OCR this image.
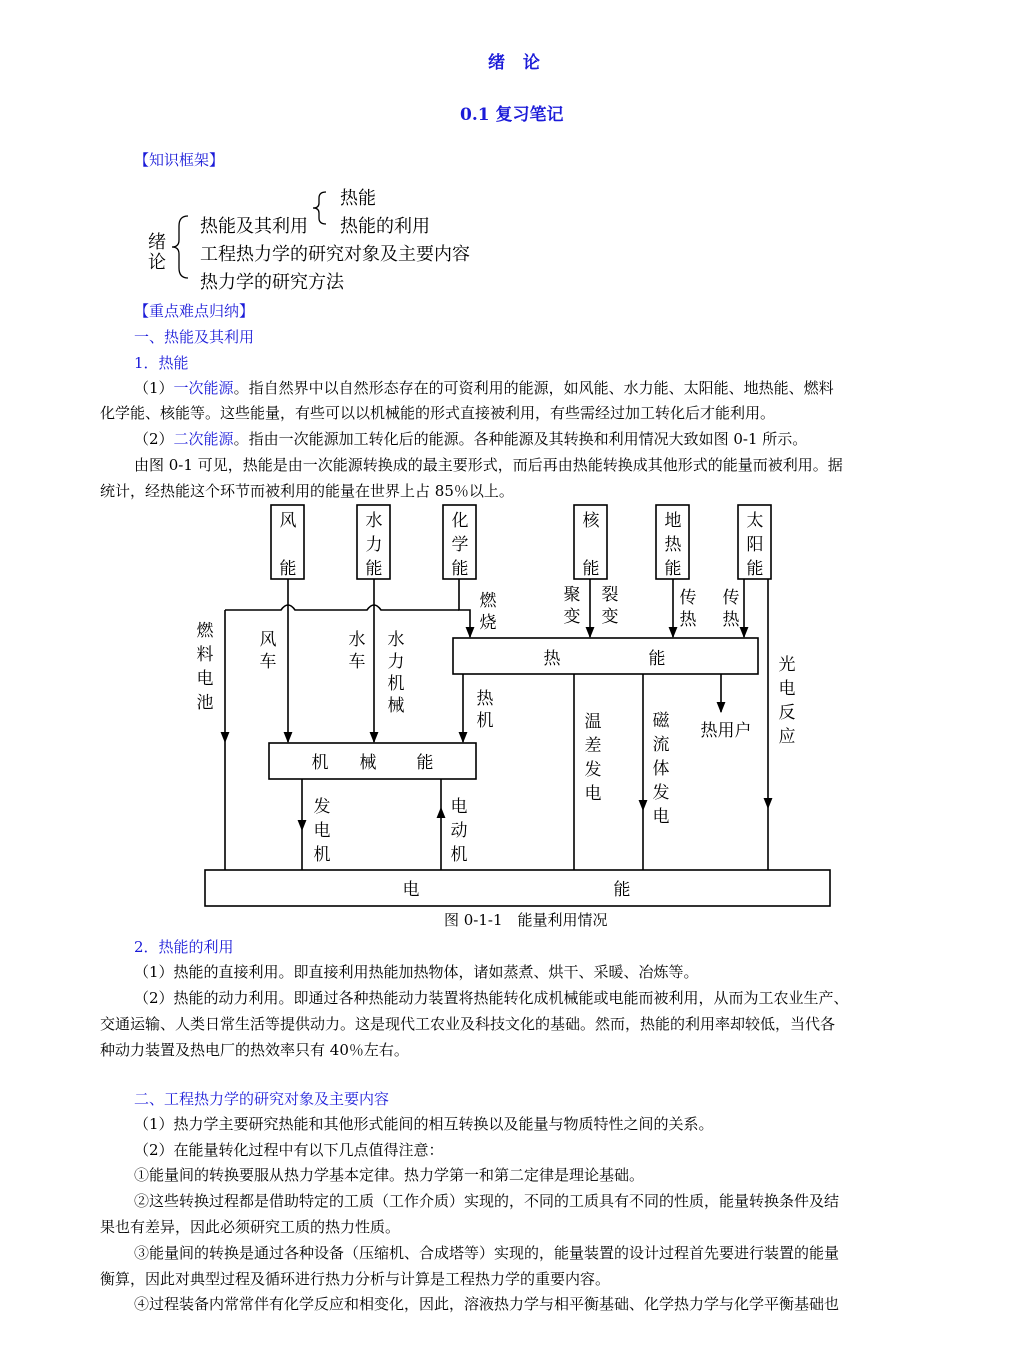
绪 论
0.1 复习笔记
【知识框架】
绪
论
热能及其利用
热能
热能的利用
工程热力学的研究对象及主要内容
热力学的研究方法
【重点难点归纳】
一、热能及其利用
1．热能
（1）一次能源。指自然界中以自然形态存在的可资利用的能源，如风能、水力能、太阳能、地热能、燃料
化学能、核能等。这些能量，有些可以以机械能的形式直接被利用，有些需经过加工转化后才能利用。
（2）二次能源。指由一次能源加工转化后的能源。各种能源及其转换和利用情况大致如图 0-1 所示。
由图 0-1 可见，热能是由一次能源转换成的最主要形式，而后再由热能转换成其他形式的能量而被利用。据
统计，经热能这个环节而被利用的能量在世界上占 85％以上。
风
能
水
力
能
化
学
能
核
能
地
热
能
太
阳
能
热	能
机 械 能
电	能
燃
料
电
池
风
车
水
车
水
力
机
械
燃
烧
聚
变
裂
变
传
热
传
热
光
电
反
应
热
机	温
差
发
电
磁
流
体
发
电
发
电
机
电
动
机
热用户
图 0-1-1　能量利用情况
2．热能的利用
（1）热能的直接利用。即直接利用热能加热物体，诸如蒸煮、烘干、采暖、冶炼等。
（2）热能的动力利用。即通过各种热能动力装置将热能转化成机械能或电能而被利用，从而为工农业生产、
交通运输、人类日常生活等提供动力。这是现代工农业及科技文化的基础。然而，热能的利用率却较低，当代各
种动力装置及热电厂的热效率只有 40％左右。
二、工程热力学的研究对象及主要内容
（1）热力学主要研究热能和其他形式能间的相互转换以及能量与物质特性之间的关系。
（2）在能量转化过程中有以下几点值得注意：
①能量间的转换要服从热力学基本定律。热力学第一和第二定律是理论基础。
②这些转换过程都是借助特定的工质（工作介质）实现的，不同的工质具有不同的性质，能量转换条件及结
果也有差异，因此必须研究工质的热力性质。
③能量间的转换是通过各种设备（压缩机、合成塔等）实现的，能量装置的设计过程首先要进行装置的能量
衡算，因此对典型过程及循环进行热力分析与计算是工程热力学的重要内容。
④过程装备内常常伴有化学反应和相变化，因此，溶液热力学与相平衡基础、化学热力学与化学平衡基础也
